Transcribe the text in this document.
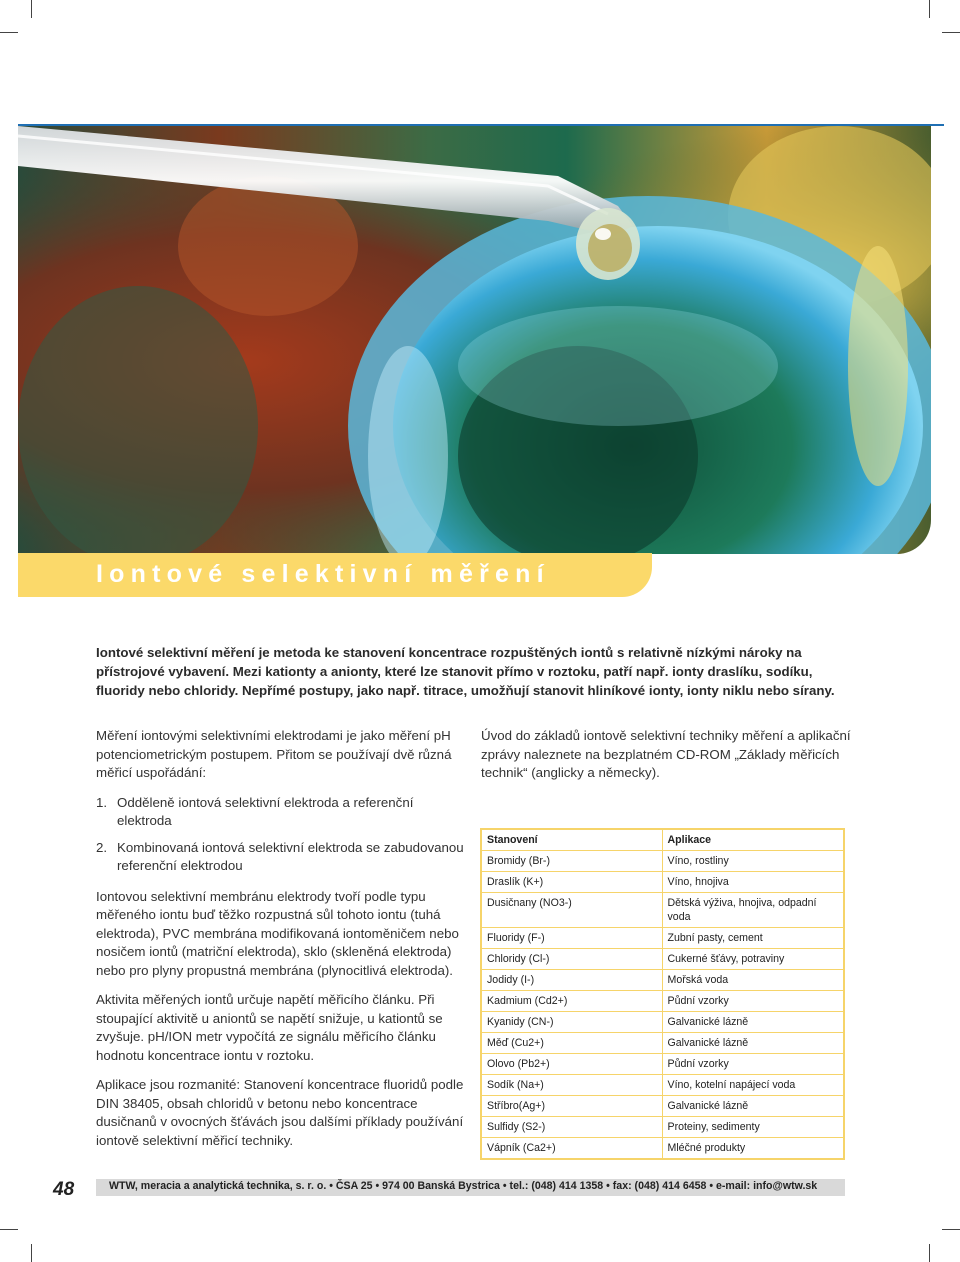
Iontové selektivní měření

Iontové selektivní měření je metoda ke stanovení koncentrace rozpuštěných iontů s relativně nízkými nároky na přístrojové vybavení. Mezi kationty a anionty, které lze stanovit přímo v roztoku, patří např. ionty draslíku, sodíku, fluoridy nebo chloridy. Nepřímé postupy, jako např. titrace, umožňují stanovit hliníkové ionty, ionty niklu nebo sírany.

Měření iontovými selektivními elektrodami je jako měření pH potenciometrickým postupem. Přitom se používají dvě různá měřicí uspořádání:

1. Odděleně iontová selektivní elektroda a referenční elektroda
2. Kombinovaná iontová selektivní elektroda se zabudovanou referenční elektrodou

Iontovou selektivní membránu elektrody tvoří podle typu měřeného iontu buď těžko rozpustná sůl tohoto iontu (tuhá elektroda), PVC membrána modifikovaná iontoměničem nebo nosičem iontů (matriční elektroda), sklo (skleněná elektroda) nebo pro plyny propustná membrána (plynocitlivá elektroda).

Aktivita měřených iontů určuje napětí měřicího článku. Při stoupající aktivitě u aniontů se napětí snižuje, u kationtů se zvyšuje. pH/ION metr vypočítá ze signálu měřicího článku hodnotu koncentrace iontu v roztoku.

Aplikace jsou rozmanité: Stanovení koncentrace fluoridů podle DIN 38405, obsah chloridů v betonu nebo koncentrace dusičnanů v ovocných šťávách jsou dalšími příklady používání iontově selektivní měřicí techniky.

Úvod do základů iontově selektivní techniky měření a aplikační zprávy naleznete na bezplatném CD-ROM „Základy měřicích technik“ (anglicky a německy).

Stanovení	Aplikace
Bromidy (Br-)	Víno, rostliny
Draslík (K+)	Víno, hnojiva
Dusičnany (NO3-)	Dětská výživa, hnojiva, odpadní voda
Fluoridy (F-)	Zubní pasty, cement
Chloridy (Cl-)	Cukerné šťávy, potraviny
Jodidy (I-)	Mořská voda
Kadmium (Cd2+)	Půdní vzorky
Kyanidy (CN-)	Galvanické lázně
Měď (Cu2+)	Galvanické lázně
Olovo (Pb2+)	Půdní vzorky
Sodík (Na+)	Víno, kotelní napájecí voda
Stříbro(Ag+)	Galvanické lázně
Sulfidy (S2-)	Proteiny, sedimenty
Vápník (Ca2+)	Mléčné produkty
48	WTW, meracia a analytická technika, s. r. o. • ČSA 25 • 974 00 Banská Bystrica • tel.: (048) 414 1358 • fax: (048) 414 6458 • e-mail: info@wtw.sk
